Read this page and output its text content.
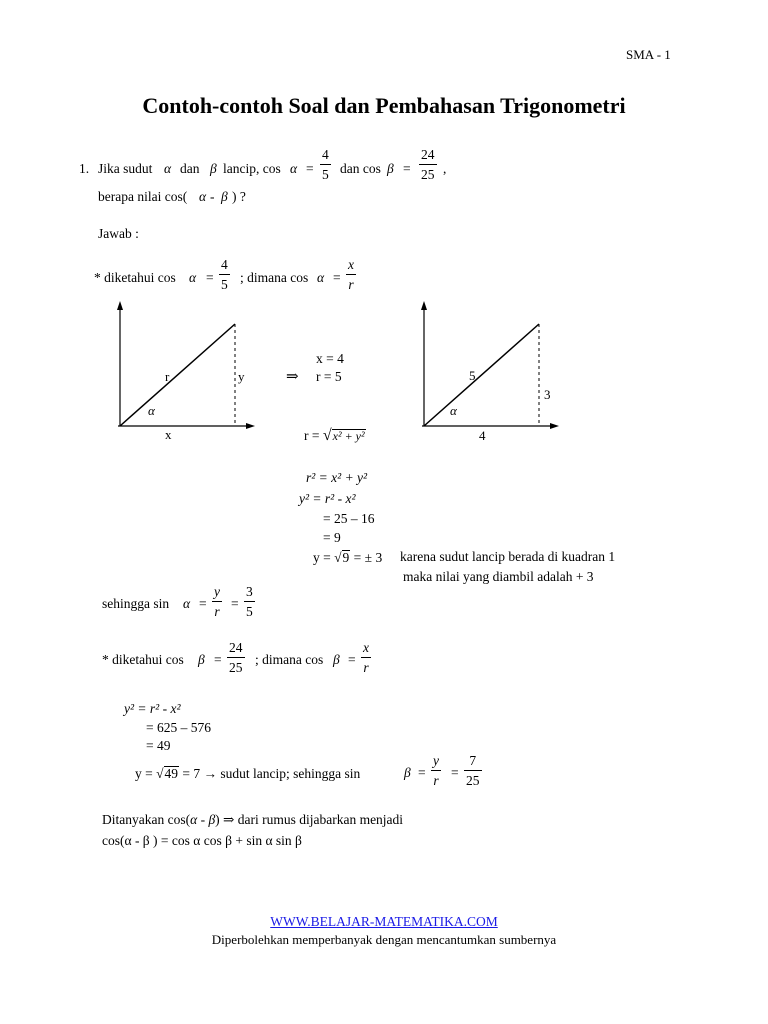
SMA - 1
Contoh-contoh Soal dan Pembahasan Trigonometri
1. Jika sudut α dan β lancip, $\cos \alpha = \frac{4}{5}$ dan $\cos \beta = \frac{24}{25}$ ,
berapa nilai cos( α - β ) ?
Jawab :
* diketahui $\cos \alpha = \frac{4}{5}$ ; dimana $\cos \alpha = \frac{x}{r}$
r	y
α
x
⇒
x = 4
r = 5
r = √x² + y²
5
3
α
4
r² = x² + y²
y² = r² - x²
= 25 – 16
= 9
y = √9 = ± 3 karena sudut lancip berada di kuadran 1
maka nilai yang diambil adalah + 3
sehingga $\sin \alpha = \frac{y}{r} = \frac{3}{5}$
* diketahui $\cos \beta = \frac{24}{25}$ ; dimana $\cos \beta = \frac{x}{r}$
y² = r² - x²
= 625 – 576
= 49
y = √49 = 7 → sudut lancip; sehingga sin	$\beta = \frac{y}{r} = \frac{7}{25}$
Ditanyakan cos(α - β) ⇒ dari rumus dijabarkan menjadi
cos(α - β ) = cos α cos β + sin α sin β
WWW.BELAJAR-MATEMATIKA.COM
Diperbolehkan memperbanyak dengan mencantumkan sumbernya
